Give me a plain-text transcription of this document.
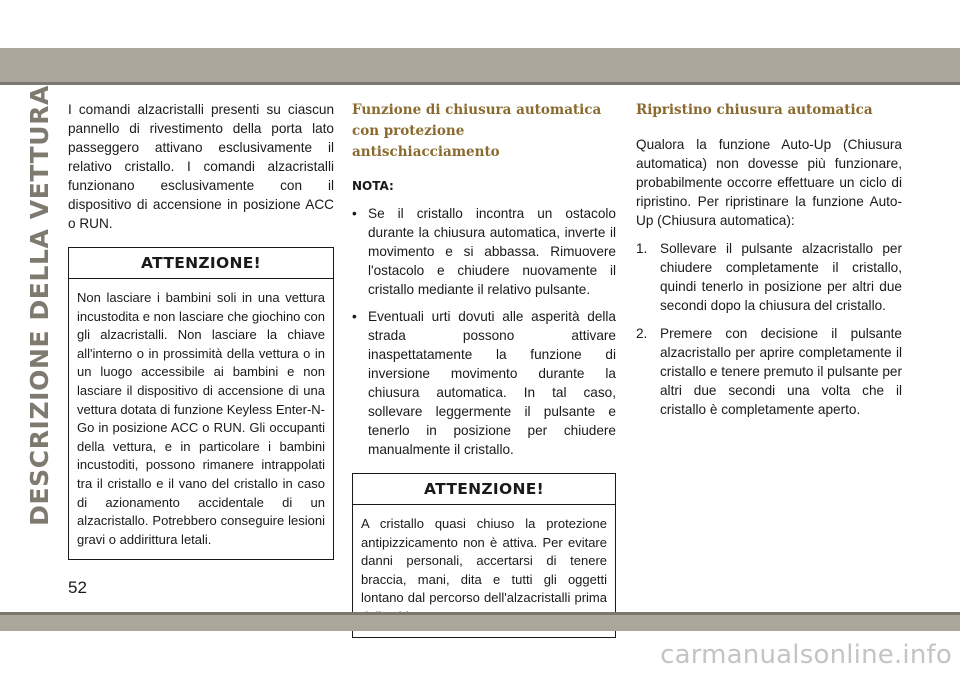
DESCRIZIONE DELLA VETTURA	I comandi alzacristalli presenti su ciascun pannello di rivestimento della porta lato passeggero attivano esclusivamente il relativo cristallo. I comandi alzacristalli funzionano esclusivamente con il dispositivo di accensione in posizione ACC o RUN.

ATTENZIONE!
Non lasciare i bambini soli in una vettura incustodita e non lasciare che giochino con gli alzacristalli. Non lasciare la chiave all'interno o in prossimità della vettura o in un luogo accessibile ai bambini e non lasciare il dispositivo di accensione di una vettura dotata di funzione Keyless Enter-N-Go in posizione ACC o RUN. Gli occupanti della vettura, e in particolare i bambini incustoditi, possono rimanere intrappolati tra il cristallo e il vano del cristallo in caso di azionamento accidentale di un alzacristallo. Potrebbero conseguire lesioni gravi o addirittura letali.
Funzione di chiusura automatica con protezione antischiacciamento
NOTA:
• Se il cristallo incontra un ostacolo durante la chiusura automatica, inverte il movimento e si abbassa. Rimuovere l'ostacolo e chiudere nuovamente il cristallo mediante il relativo pulsante.
• Eventuali urti dovuti alle asperità della strada possono attivare inaspettatamente la funzione di inversione movimento durante la chiusura automatica. In tal caso, sollevare leggermente il pulsante e tenerlo in posizione per chiudere manualmente il cristallo.
ATTENZIONE!
A cristallo quasi chiuso la protezione antipizzicamento non è attiva. Per evitare danni personali, accertarsi di tenere braccia, mani, dita e tutti gli oggetti lontano dal percorso dell'alzacristalli prima
Ripristino chiusura automatica

Qualora la funzione Auto-Up (Chiusura automatica) non dovesse più funzionare, probabilmente occorre effettuare un ciclo di ripristino. Per ripristinare la funzione Auto-Up (Chiusura automatica):

1. Sollevare il pulsante alzacristallo per chiudere completamente il cristallo, quindi tenerlo in posizione per altri due secondi dopo la chiusura del cristallo.
2. Premere con decisione il pulsante alzacristallo per aprire completamente il cristallo e tenere premuto il pulsante per altri due secondi una volta che il cristallo è completamente aperto.
52
carmanualsonline.info
